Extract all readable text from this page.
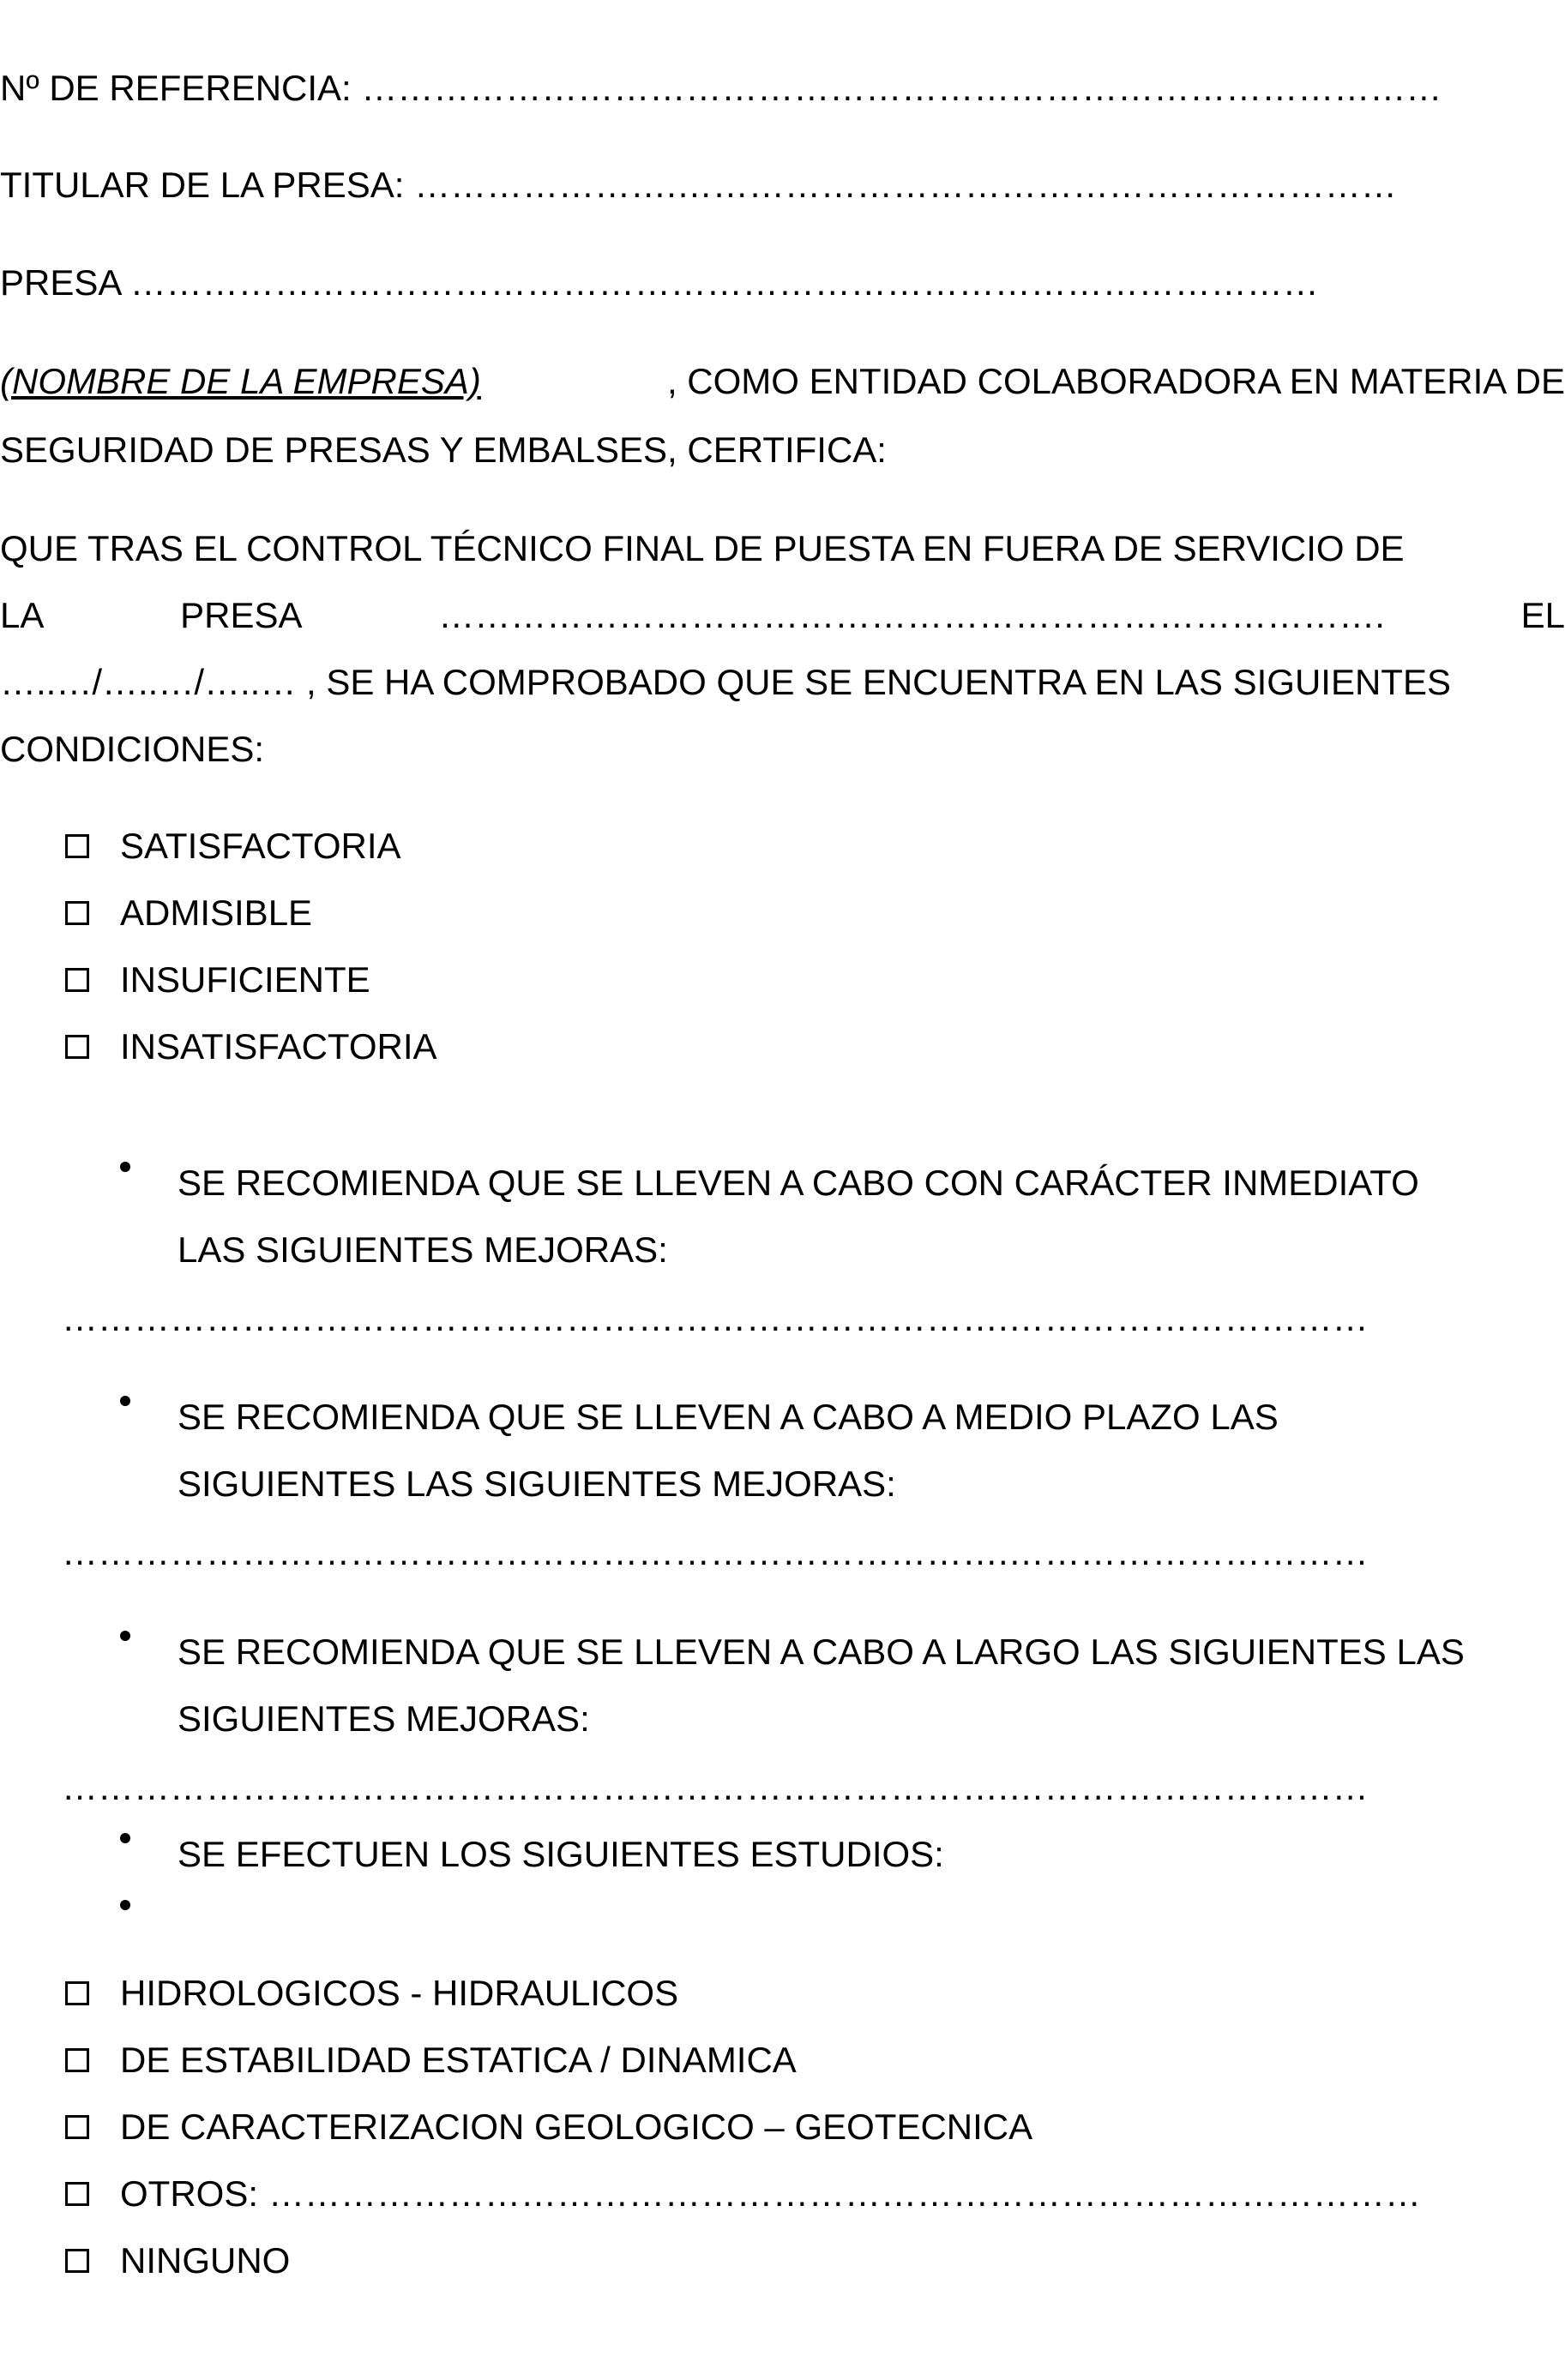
Nº DE REFERENCIA: ………………………………………………………………………………
TITULAR DE LA PRESA: ………………….……………………………………………………
PRESA ………………………………………………………………………………………
(NOMBRE DE LA EMPRESA)	, COMO ENTIDAD COLABORADORA EN MATERIA DE
SEGURIDAD DE PRESAS Y EMBALSES, CERTIFICA:
QUE TRAS EL CONTROL TÉCNICO FINAL DE PUESTA EN FUERA DE SERVICIO DE
LA	PRESA	…………………………………………………………………….	EL
…..…/…..…/…..… , SE HA COMPROBADO QUE SE ENCUENTRA EN LAS SIGUIENTES
CONDICIONES:
SATISFACTORIA
ADMISIBLE
INSUFICIENTE
INSATISFACTORIA
SE RECOMIENDA QUE SE LLEVEN A CABO CON CARÁCTER INMEDIATO
LAS SIGUIENTES MEJORAS:
…………………………………………………………………….…………………………
SE RECOMIENDA QUE SE LLEVEN A CABO A MEDIO PLAZO LAS
SIGUIENTES LAS SIGUIENTES MEJORAS:
…………………………………………………………………….…………………………
SE RECOMIENDA QUE SE LLEVEN A CABO A LARGO LAS SIGUIENTES LAS
SIGUIENTES MEJORAS:
…………………………………………………………………….…………………………
SE EFECTUEN LOS SIGUIENTES ESTUDIOS:
HIDROLOGICOS - HIDRAULICOS
DE ESTABILIDAD ESTATICA / DINAMICA
DE CARACTERIZACION GEOLOGICO – GEOTECNICA
OTROS: ……………………………………………………………………………………
NINGUNO
